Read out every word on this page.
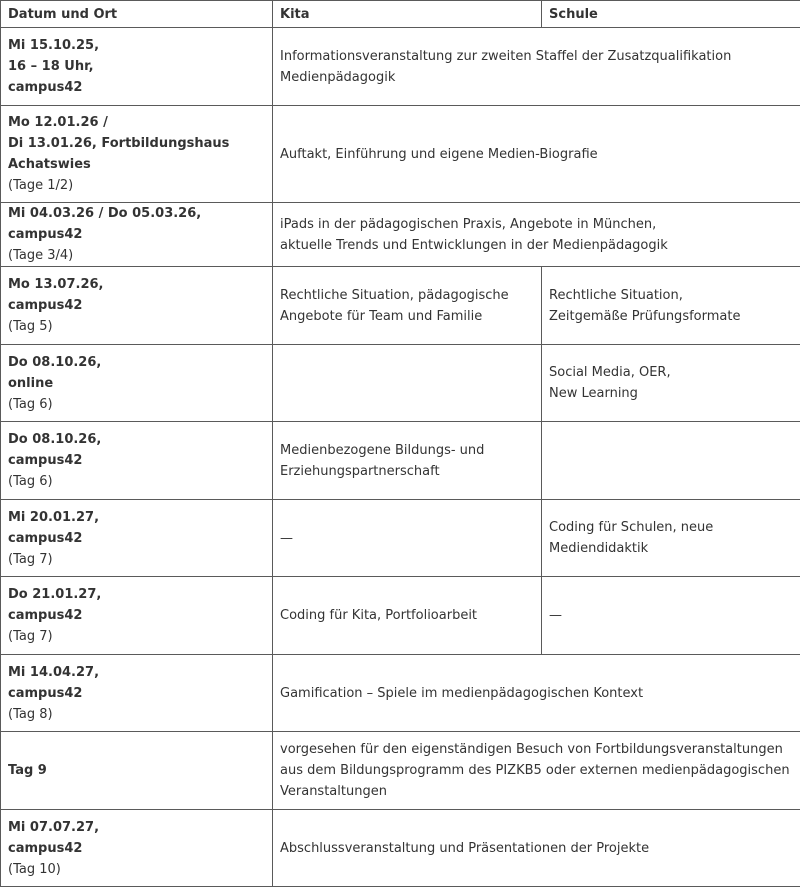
Datum und Ort	Kita	Schule

Mi 15.10.25,
16 – 18 Uhr,
campus42	Informationsveranstaltung zur zweiten Staffel der Zusatzqualifikation
Medienpädagogik	

Mo 12.01.26 /
Di 13.01.26, Fortbildungshaus
Achatswies
(Tage 1/2)	Auftakt, Einführung und eigene Medien-Biografie	

Mi 04.03.26 / Do 05.03.26, campus42
(Tage 3/4)	iPads in der pädagogischen Praxis, Angebote in München,
aktuelle Trends und Entwicklungen in der Medienpädagogik	

Mo 13.07.26,
campus42
(Tag 5)	Rechtliche Situation, pädagogische
Angebote für Team und Familie	Rechtliche Situation,
Zeitgemäße Prüfungsformate

Do 08.10.26,
online
(Tag 6)		Social Media, OER,
New Learning

Do 08.10.26,
campus42
(Tag 6)	Medienbezogene Bildungs- und
Erziehungspartnerschaft	

Mi 20.01.27,
campus42
(Tag 7)	—	Coding für Schulen, neue
Mediendidaktik

Do 21.01.27,
campus42
(Tag 7)	Coding für Kita, Portfolioarbeit	—

Mi 14.04.27,
campus42
(Tag 8)	Gamification – Spiele im medienpädagogischen Kontext	

Tag 9	vorgesehen für den eigenständigen Besuch von Fortbildungsveranstaltungen
aus dem Bildungsprogramm des PIZKB5 oder externen medienpädagogischen
Veranstaltungen	

Mi 07.07.27,
campus42
(Tag 10)	Abschlussveranstaltung und Präsentationen der Projekte	
